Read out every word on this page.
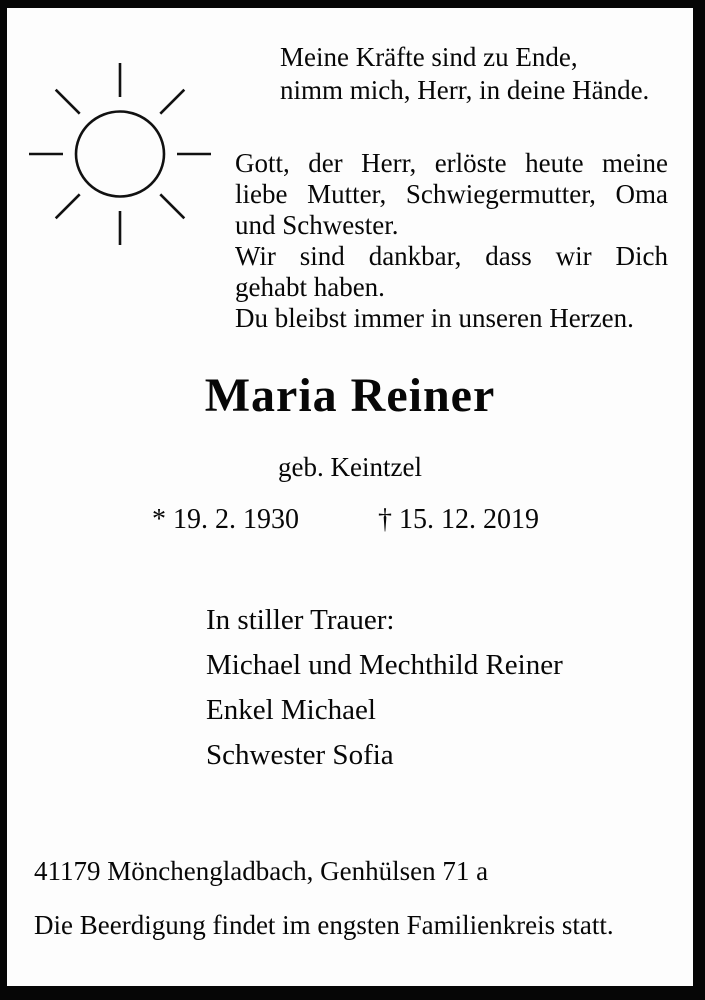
Meine Kräfte sind zu Ende,
nimm mich, Herr, in deine Hände.
Gott, der Herr, erlöste heute meine
liebe Mutter, Schwiegermutter, Oma
und Schwester.
Wir sind dankbar, dass wir Dich
gehabt haben.
Du bleibst immer in unseren Herzen.
Maria Reiner
geb. Keintzel
* 19. 2. 1930	† 15. 12. 2019
In stiller Trauer:
Michael und Mechthild Reiner
Enkel Michael
Schwester Sofia
41179 Mönchengladbach, Genhülsen 71 a
Die Beerdigung findet im engsten Familienkreis statt.
